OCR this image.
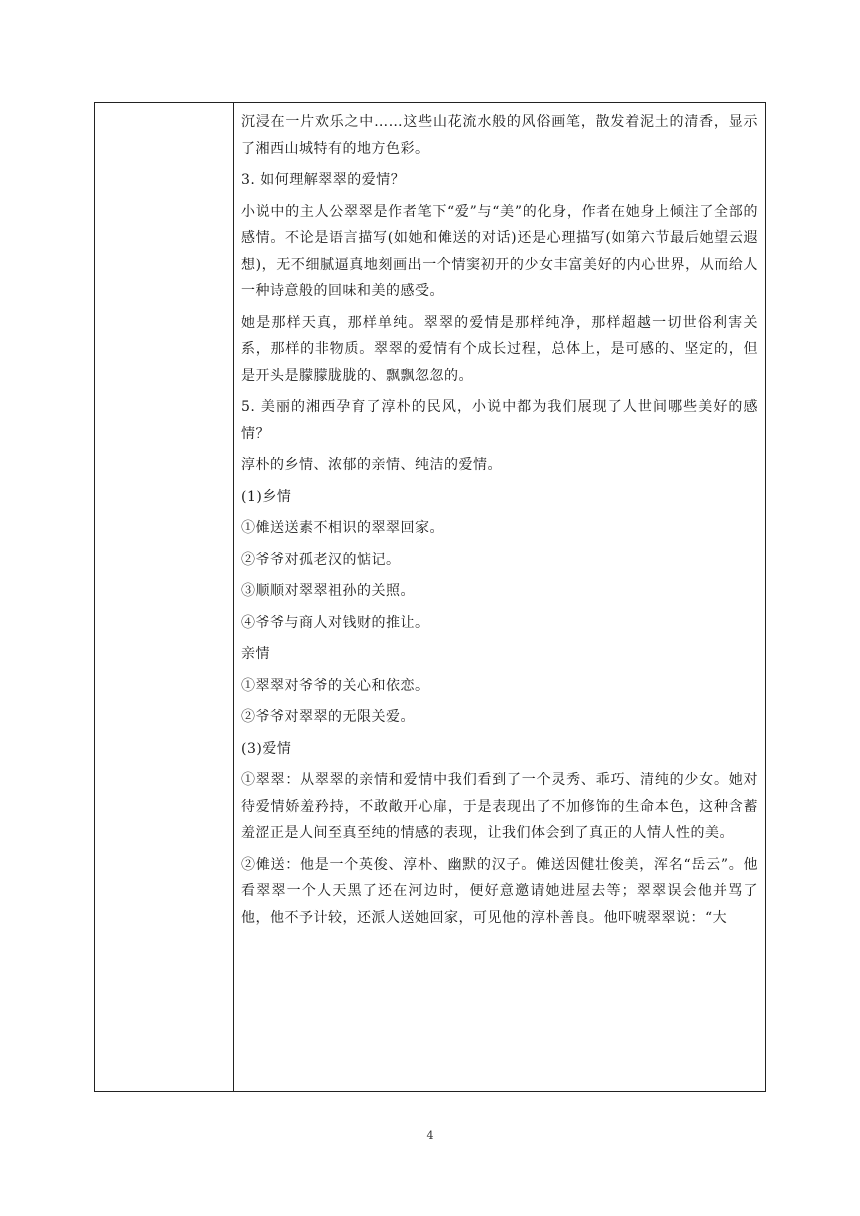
沉浸在一片欢乐之中……这些山花流水般的风俗画笔，散发着泥土的清香，显示了湘西山城特有的地方色彩。

3. 如何理解翠翠的爱情？

小说中的主人公翠翠是作者笔下“爱”与“美”的化身，作者在她身上倾注了全部的感情。不论是语言描写(如她和傩送的对话)还是心理描写(如第六节最后她望云遐想)，无不细腻逼真地刻画出一个情窦初开的少女丰富美好的内心世界，从而给人一种诗意般的回味和美的感受。

她是那样天真，那样单纯。翠翠的爱情是那样纯净，那样超越一切世俗利害关系，那样的非物质。翠翠的爱情有个成长过程，总体上，是可感的、坚定的，但是开头是朦朦胧胧的、飘飘忽忽的。

5. 美丽的湘西孕育了淳朴的民风，小说中都为我们展现了人世间哪些美好的感情？

淳朴的乡情、浓郁的亲情、纯洁的爱情。

(1)乡情

①傩送送素不相识的翠翠回家。

②爷爷对孤老汉的惦记。

③顺顺对翠翠祖孙的关照。

④爷爷与商人对钱财的推让。

亲情

①翠翠对爷爷的关心和依恋。

②爷爷对翠翠的无限关爱。

(3)爱情

①翠翠：从翠翠的亲情和爱情中我们看到了一个灵秀、乖巧、清纯的少女。她对待爱情娇羞矜持，不敢敞开心扉，于是表现出了不加修饰的生命本色，这种含蓄羞涩正是人间至真至纯的情感的表现，让我们体会到了真正的人情人性的美。

②傩送：他是一个英俊、淳朴、幽默的汉子。傩送因健壮俊美，浑名“岳云”。他看翠翠一个人天黑了还在河边时，便好意邀请她进屋去等；翠翠误会他并骂了他，他不予计较，还派人送她回家，可见他的淳朴善良。他吓唬翠翠说：“大

4
